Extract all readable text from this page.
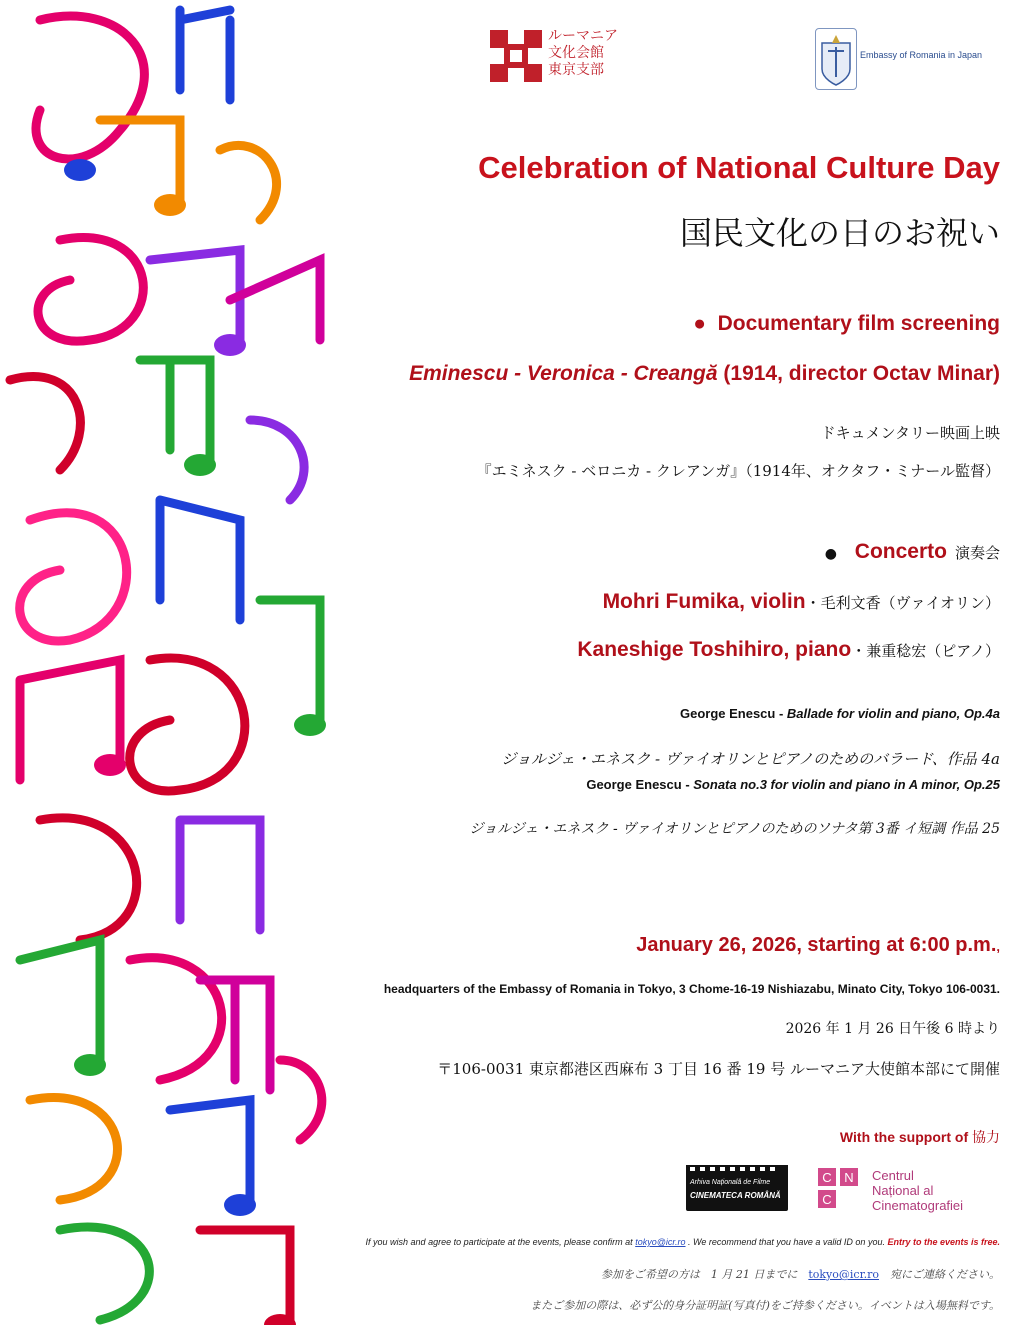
ルーマニア
文化会館
東京支部
Embassy of Romania in Japan
Celebration of National Culture Day
国民文化の日のお祝い
●  Documentary film screening
Eminescu - Veronica - Creangă (1914, director Octav Minar)
ドキュメンタリー映画上映
『エミネスク - ベロニカ - クレアンガ』（1914年、オクタフ・ミナール監督）
●    Concerto 演奏会
Mohri Fumika, violin・毛利文香（ヴァイオリン）
Kaneshige Toshihiro, piano・兼重稔宏（ピアノ）
George Enescu - Ballade for violin and piano, Op.4a
ジョルジェ・エネスク - ヴァイオリンとピアノのためのバラード、作品 4a
George Enescu - Sonata no.3 for violin and piano in A minor, Op.25
ジョルジェ・エネスク - ヴァイオリンとピアノのためのソナタ第 3番 イ短調 作品 25
January 26, 2026, starting at 6:00 p.m.,
headquarters of the Embassy of Romania in Tokyo, 3 Chome-16-19 Nishiazabu, Minato City, Tokyo 106-0031.
2026 年 1 月 26 日午後 6 時より
〒106-0031 東京都港区西麻布 3 丁目 16 番 19 号 ルーマニア大使館本部にて開催
With the support of 協力
Arhiva Națională de Filme
CINEMATECA ROMÂNĂ
C N
C
Centrul
Național al
Cinematografiei
If you wish and agree to participate at the events, please confirm at tokyo@icr.ro . We recommend that you have a valid ID on you. Entry to the events is free.
参加をご希望の方は　1 月 21 日までに　tokyo@icr.ro　宛にご連絡ください。
またご参加の際は、必ず公的身分証明証(写真付)をご持参ください。イベントは入場無料です。
